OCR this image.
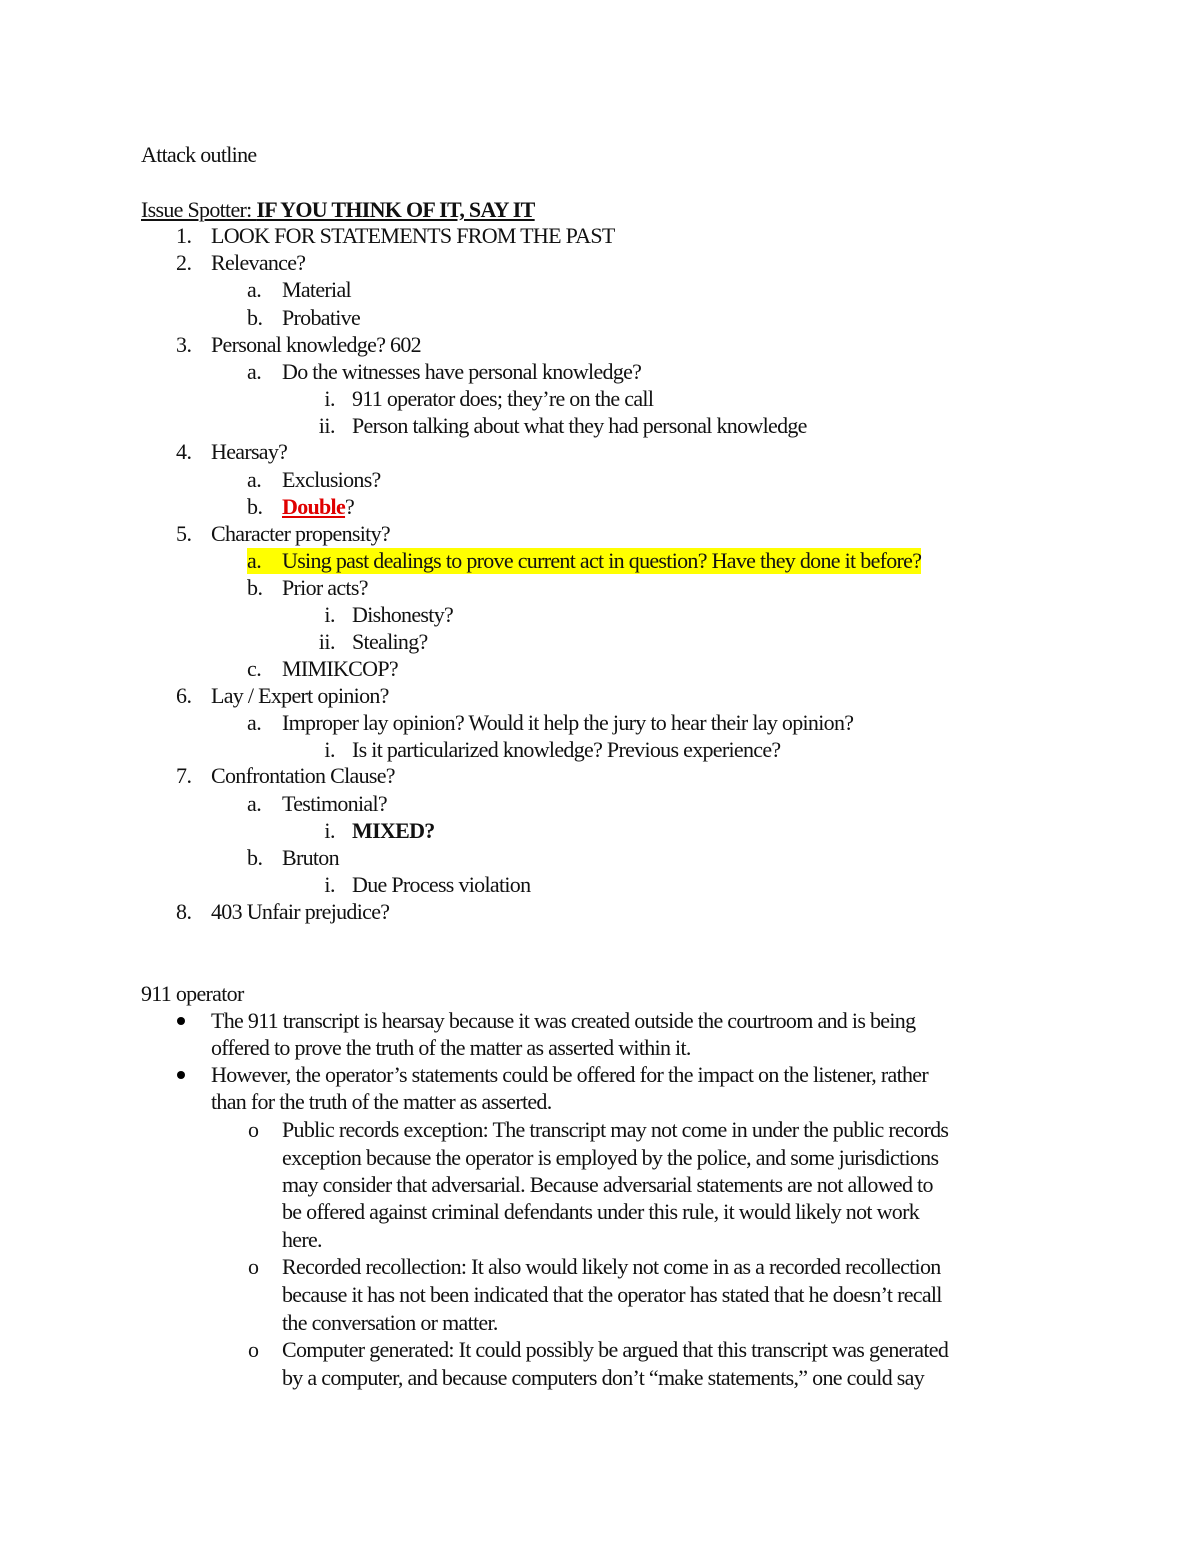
Attack outline
Issue Spotter: IF YOU THINK OF IT, SAY IT
1. LOOK FOR STATEMENTS FROM THE PAST
2. Relevance?
a. Material
b. Probative
3. Personal knowledge? 602
a. Do the witnesses have personal knowledge?
i. 911 operator does; they’re on the call
ii. Person talking about what they had personal knowledge
4. Hearsay?
a. Exclusions?
b. Double?
5. Character propensity?
a. Using past dealings to prove current act in question? Have they done it before?
b. Prior acts?
i. Dishonesty?
ii. Stealing?
c. MIMIKCOP?
6. Lay / Expert opinion?
a. Improper lay opinion? Would it help the jury to hear their lay opinion?
i. Is it particularized knowledge? Previous experience?
7. Confrontation Clause?
a. Testimonial?
i. MIXED?
b. Bruton
i. Due Process violation
8. 403 Unfair prejudice?
911 operator
The 911 transcript is hearsay because it was created outside the courtroom and is being
offered to prove the truth of the matter as asserted within it.
However, the operator’s statements could be offered for the impact on the listener, rather
than for the truth of the matter as asserted.
o Public records exception: The transcript may not come in under the public records
exception because the operator is employed by the police, and some jurisdictions
may consider that adversarial. Because adversarial statements are not allowed to
be offered against criminal defendants under this rule, it would likely not work
here.
o Recorded recollection: It also would likely not come in as a recorded recollection
because it has not been indicated that the operator has stated that he doesn’t recall
the conversation or matter.
o Computer generated: It could possibly be argued that this transcript was generated
by a computer, and because computers don’t “make statements,” one could say
